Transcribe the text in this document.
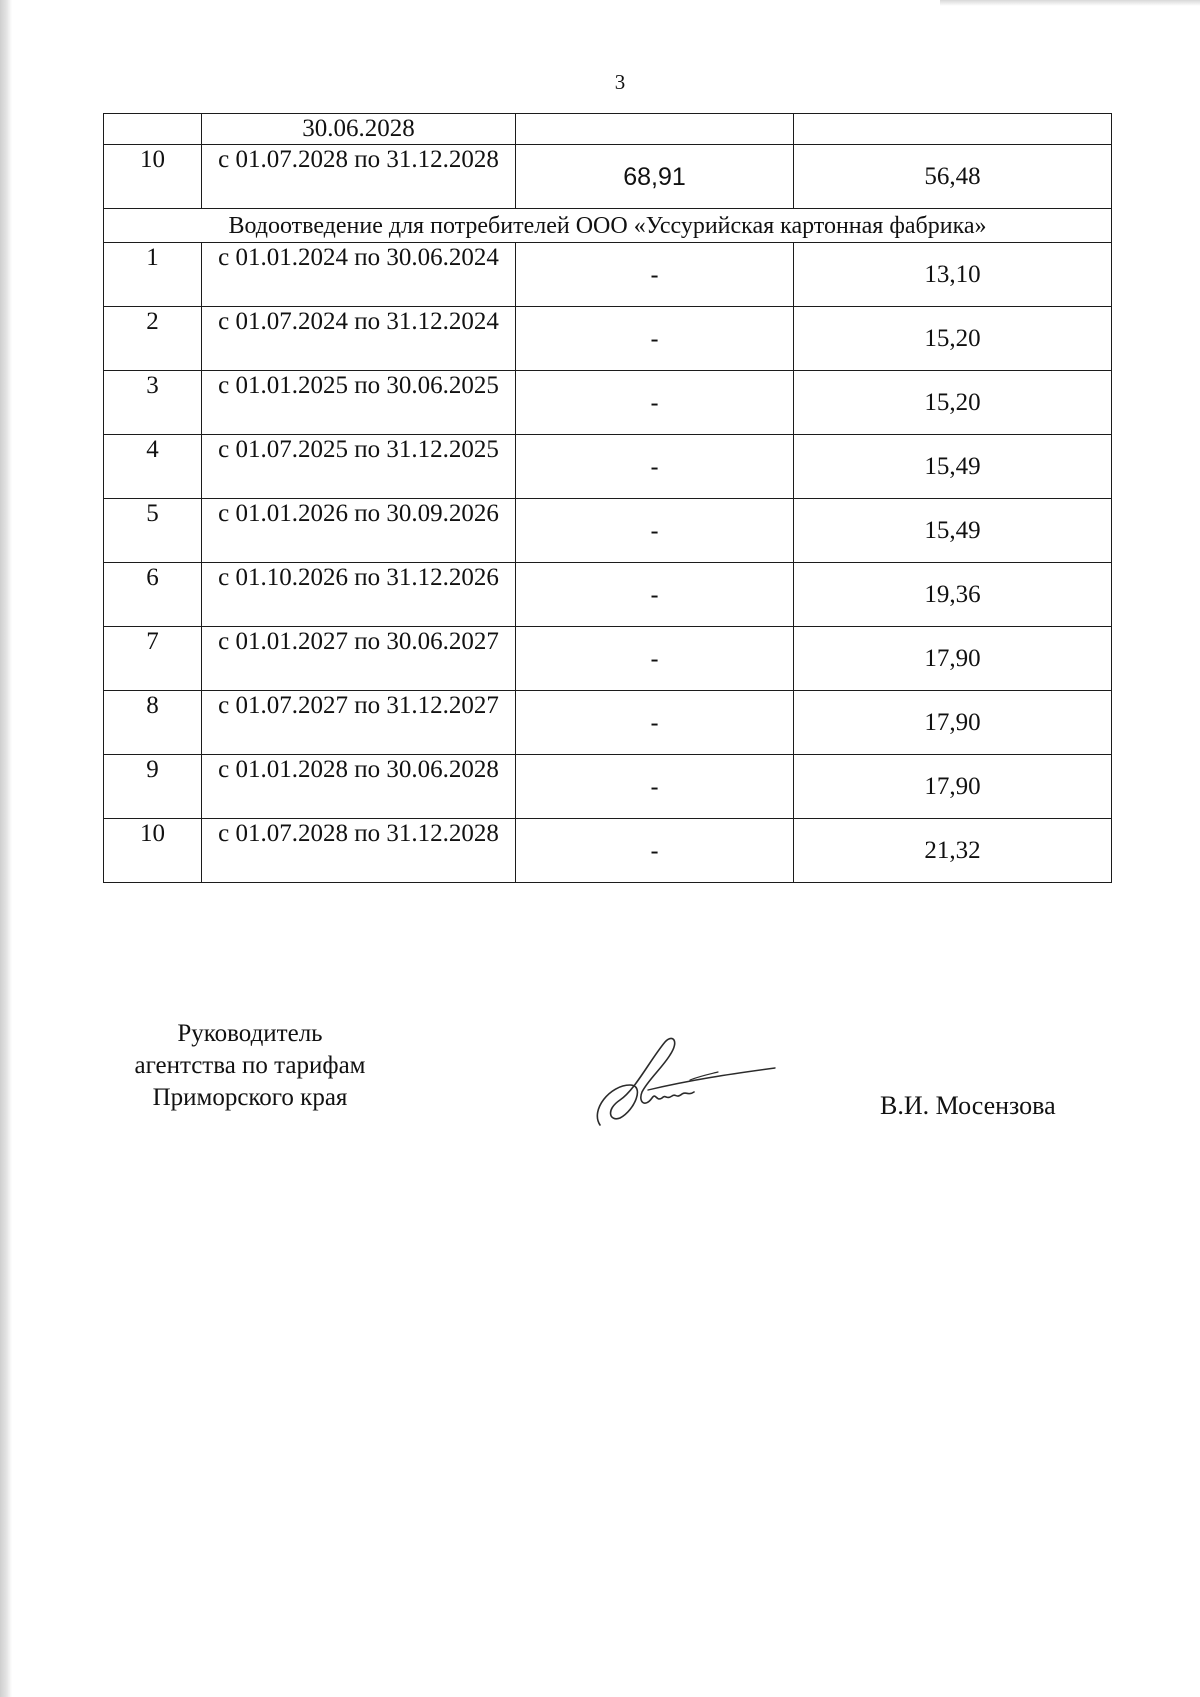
3
	30.06.2028		
10	с 01.07.2028 по 31.12.2028	68,91	56,48
Водоотведение для потребителей ООО «Уссурийская картонная фабрика»			
1	с 01.01.2024 по 30.06.2024	-	13,10
2	с 01.07.2024 по 31.12.2024	-	15,20
3	с 01.01.2025 по 30.06.2025	-	15,20
4	с 01.07.2025 по 31.12.2025	-	15,49
5	с 01.01.2026 по 30.09.2026	-	15,49
6	с 01.10.2026 по 31.12.2026	-	19,36
7	с 01.01.2027 по 30.06.2027	-	17,90
8	с 01.07.2027 по 31.12.2027	-	17,90
9	с 01.01.2028 по 30.06.2028	-	17,90
10	с 01.07.2028 по 31.12.2028	-	21,32
Руководитель
агентства по тарифам
Приморского края	В.И. Мосензова
